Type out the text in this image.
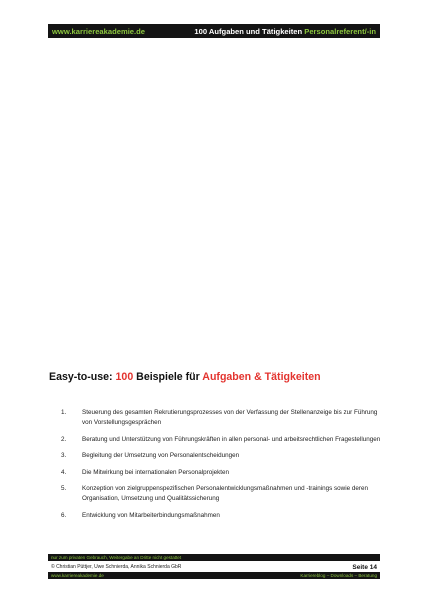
www.karriereakademie.de	100 Aufgaben und Tätigkeiten Personalreferent/-in
Easy-to-use: 100 Beispiele für Aufgaben & Tätigkeiten
1.	Steuerung des gesamten Rekrutierungsprozesses von der Verfassung der Stellenanzeige bis zur Führung von Vorstellungsgesprächen
2.	Beratung und Unterstützung von Führungskräften in allen personal- und arbeitsrechtlichen Fragestellungen
3.	Begleitung der Umsetzung von Personalentscheidungen
4.	Die Mitwirkung bei internationalen Personalprojekten
5.	Konzeption von zielgruppenspezifischen Personalentwicklungsmaßnahmen und -trainings sowie deren Organisation, Umsetzung und Qualitätssicherung
6.	Entwicklung von Mitarbeiterbindungsmaßnahmen
nur zum privaten Gebrauch, Weitergabe an Dritte nicht gestattet
© Christian Püttjer, Uwe Schnierda, Annika Schnierda GbR	Seite 14
www.karriereakademie.de	Karriereblog – Downloads – Beratung
